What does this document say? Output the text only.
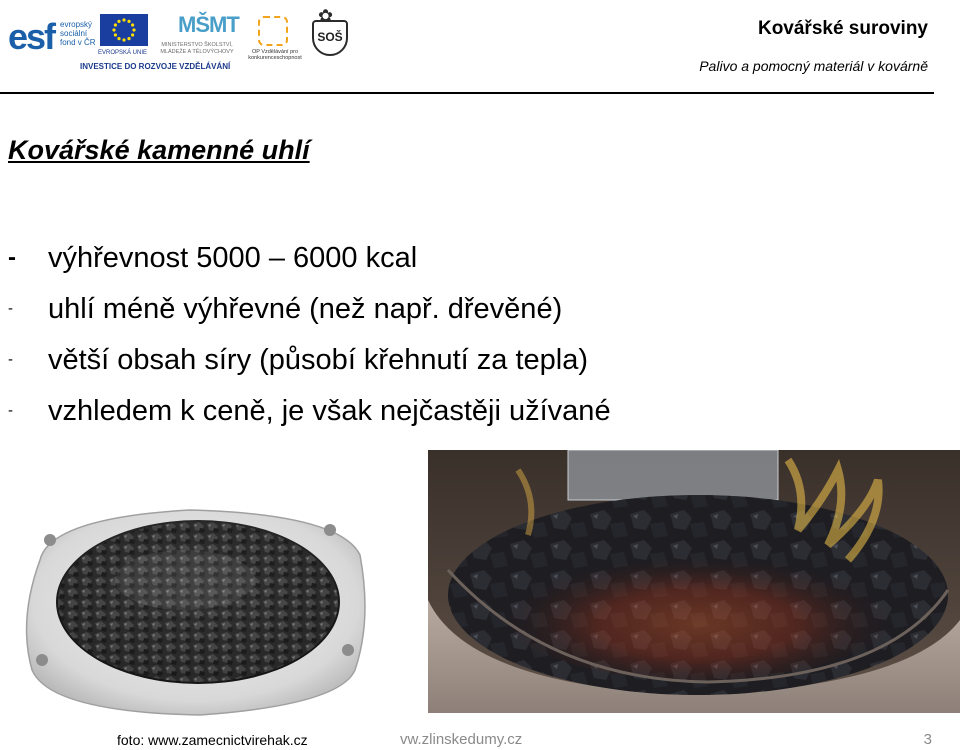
esf evropský sociální fond v ČR
EVROPSKÁ UNIE
MŠMT
MINISTERSTVO ŠKOLSTVÍ, MLÁDEŽE A TĚLOVÝCHOVY	OP Vzdělávání pro konkurenceschopnost
✿
SOŠ
INVESTICE DO ROZVOJE VZDĚLÁVÁNÍ
Kovářské suroviny
Palivo a pomocný materiál v kovárně
Kovářské kamenné uhlí
-	výhřevnost 5000 – 6000 kcal
-	uhlí méně výhřevné (než např. dřevěné)
-	větší obsah síry (působí křehnutí za tepla)
-	vzhledem k ceně, je však nejčastěji užívané
foto: www.zamecnictvirehak.cz	vw.zlinskedumy.cz	3
